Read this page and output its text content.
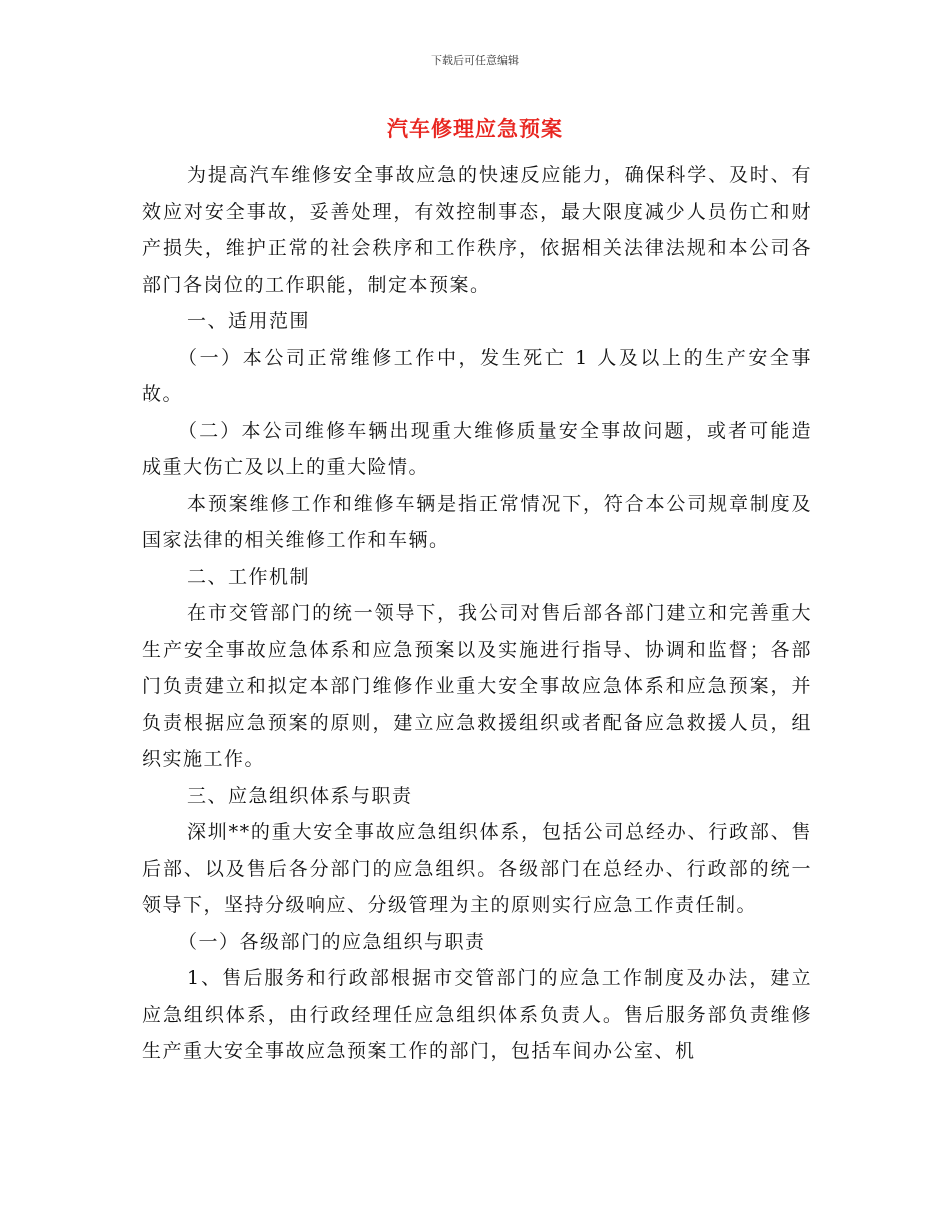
下载后可任意编辑
汽车修理应急预案

为提高汽车维修安全事故应急的快速反应能力，确保科学、及时、有效应对安全事故，妥善处理，有效控制事态，最大限度减少人员伤亡和财产损失，维护正常的社会秩序和工作秩序，依据相关法律法规和本公司各部门各岗位的工作职能，制定本预案。

一、适用范围

（一）本公司正常维修工作中，发生死亡 1 人及以上的生产安全事故。

（二）本公司维修车辆出现重大维修质量安全事故问题，或者可能造成重大伤亡及以上的重大险情。

本预案维修工作和维修车辆是指正常情况下，符合本公司规章制度及国家法律的相关维修工作和车辆。

二、工作机制

在市交管部门的统一领导下，我公司对售后部各部门建立和完善重大生产安全事故应急体系和应急预案以及实施进行指导、协调和监督；各部门负责建立和拟定本部门维修作业重大安全事故应急体系和应急预案，并负责根据应急预案的原则，建立应急救援组织或者配备应急救援人员，组织实施工作。

三、应急组织体系与职责

深圳**的重大安全事故应急组织体系，包括公司总经办、行政部、售后部、以及售后各分部门的应急组织。各级部门在总经办、行政部的统一领导下，坚持分级响应、分级管理为主的原则实行应急工作责任制。

（一）各级部门的应急组织与职责

1、售后服务和行政部根据市交管部门的应急工作制度及办法，建立应急组织体系，由行政经理任应急组织体系负责人。售后服务部负责维修生产重大安全事故应急预案工作的部门，包括车间办公室、机
